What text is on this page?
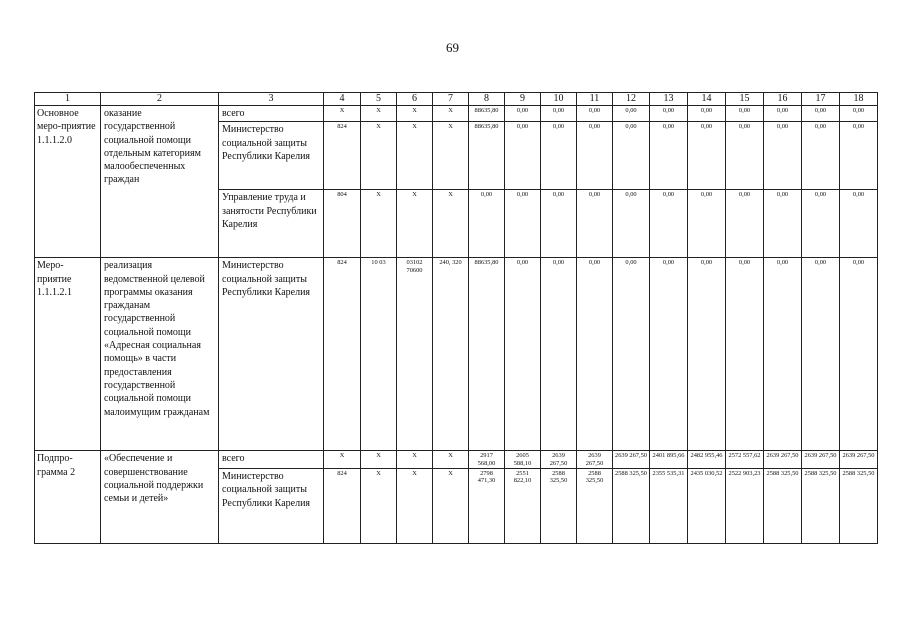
69
1	2	3	4	5	6	7	8	9	10	11	12	13	14	15	16	17	18
Основное меро-приятие 1.1.1.2.0	оказание государственной социальной помощи отдельным категориям малообеспеченных граждан	всего	X	X	X	X	88635,80	0,00	0,00	0,00	0,00	0,00	0,00	0,00	0,00	0,00	0,00
		Министерство социальной защиты Республики Карелия	824	X	X	X	88635,80	0,00	0,00	0,00	0,00	0,00	0,00	0,00	0,00	0,00	0,00
		Управление труда и занятости Республики Карелия	804	X	X	X	0,00	0,00	0,00	0,00	0,00	0,00	0,00	0,00	0,00	0,00	0,00
Меро-приятие 1.1.1.2.1	реализация ведомственной целевой программы оказания гражданам государственной социальной помощи «Адресная социальная помощь» в части предоставления государственной социальной помощи малоимущим гражданам	Министерство социальной защиты Республики Карелия	824	10 03	03102 70600	240, 320	88635,80	0,00	0,00	0,00	0,00	0,00	0,00	0,00	0,00	0,00	0,00
Подпро-грамма 2	«Обеспечение и совершенствование социальной поддержки семьи и детей»	всего	X	X	X	X	2917 568,00	2605 588,10	2639 267,50	2639 267,50	2639 267,50	2401 895,66	2482 955,46	2572 557,62	2639 267,50	2639 267,50	2639 267,50
		Министерство социальной защиты Республики Карелия	824	X	X	X	2798 471,30	2551 822,10	2588 325,50	2588 325,50	2588 325,50	2355 535,31	2435 030,52	2522 903,23	2588 325,50	2588 325,50	2588 325,50
